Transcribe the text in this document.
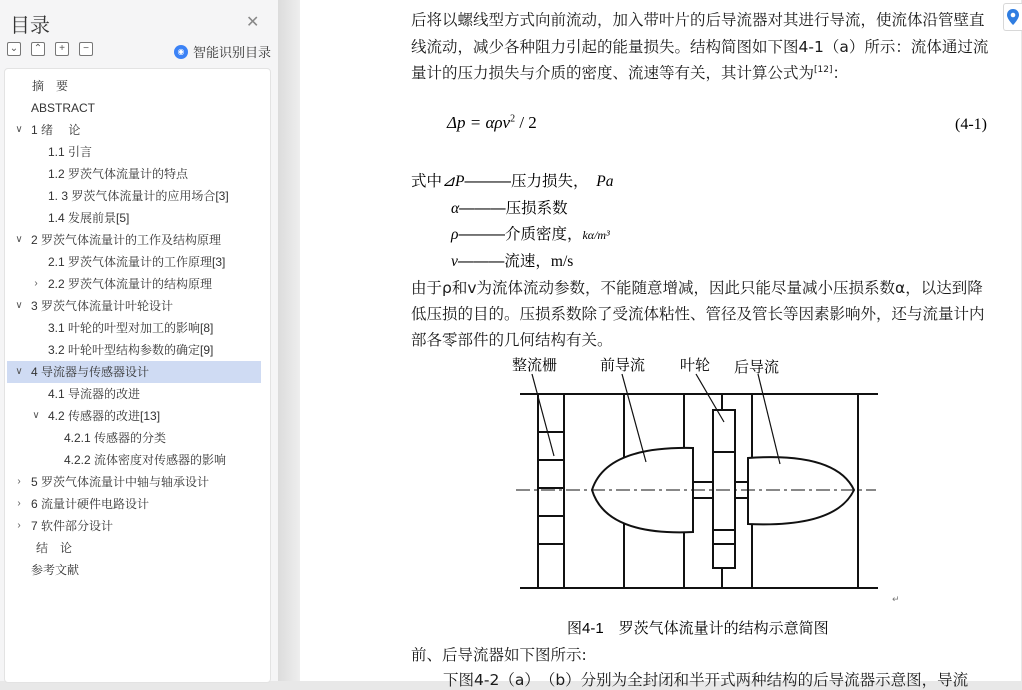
目录	✕
⌄ ⌃	+	−	◉ 智能识别目录
摘　要
ABSTRACT
∨ 1 绪　 论
1.1 引言
1.2 罗茨气体流量计的特点
1. 3 罗茨气体流量计的应用场合[3]
1.4 发展前景[5]
∨ 2 罗茨气体流量计的工作及结构原理
2.1 罗茨气体流量计的工作原理[3]
› 2.2 罗茨气体流量计的结构原理
∨ 3 罗茨气体流量计叶轮设计
3.1 叶轮的叶型对加工的影响[8]
3.2 叶轮叶型结构参数的确定[9]
∨ 4 导流器与传感器设计
4.1 导流器的改进
∨ 4.2 传感器的改进[13]
4.2.1 传感器的分类
4.2.2 流体密度对传感器的影响
› 5 罗茨气体流量计中轴与轴承设计
› 6 流量计硬件电路设计
› 7 软件部分设计
结　论
参考文献
后将以螺线型方式向前流动，加入带叶片的后导流器对其进行导流，使流体沿管壁直
线流动，减少各种阻力引起的能量损失。结构简图如下图4-1（a）所示：流体通过流
量计的压力损失与介质的密度、流速等有关，其计算公式为[12]：
Δp = αρv$^2$ / 2	(4-1)
式中⊿P———压力损失，　 Pa
α———压损系数
ρ———介质密度，kα/m³
v———流速，m/s
由于ρ和v为流体流动参数，不能随意增减，因此只能尽量减小压损系数α，以达到降
低压损的目的。压损系数除了受流体粘性、管径及管长等因素影响外，还与流量计内
部各零部件的几何结构有关。
整流栅	前导流 叶轮 后导流
↵
图4-1　罗茨气体流量计的结构示意简图
前、后导流器如下图所示:
下图4-2（a）　（b）分别为全封闭和半开式两种结构的后导流器示意图，导流
